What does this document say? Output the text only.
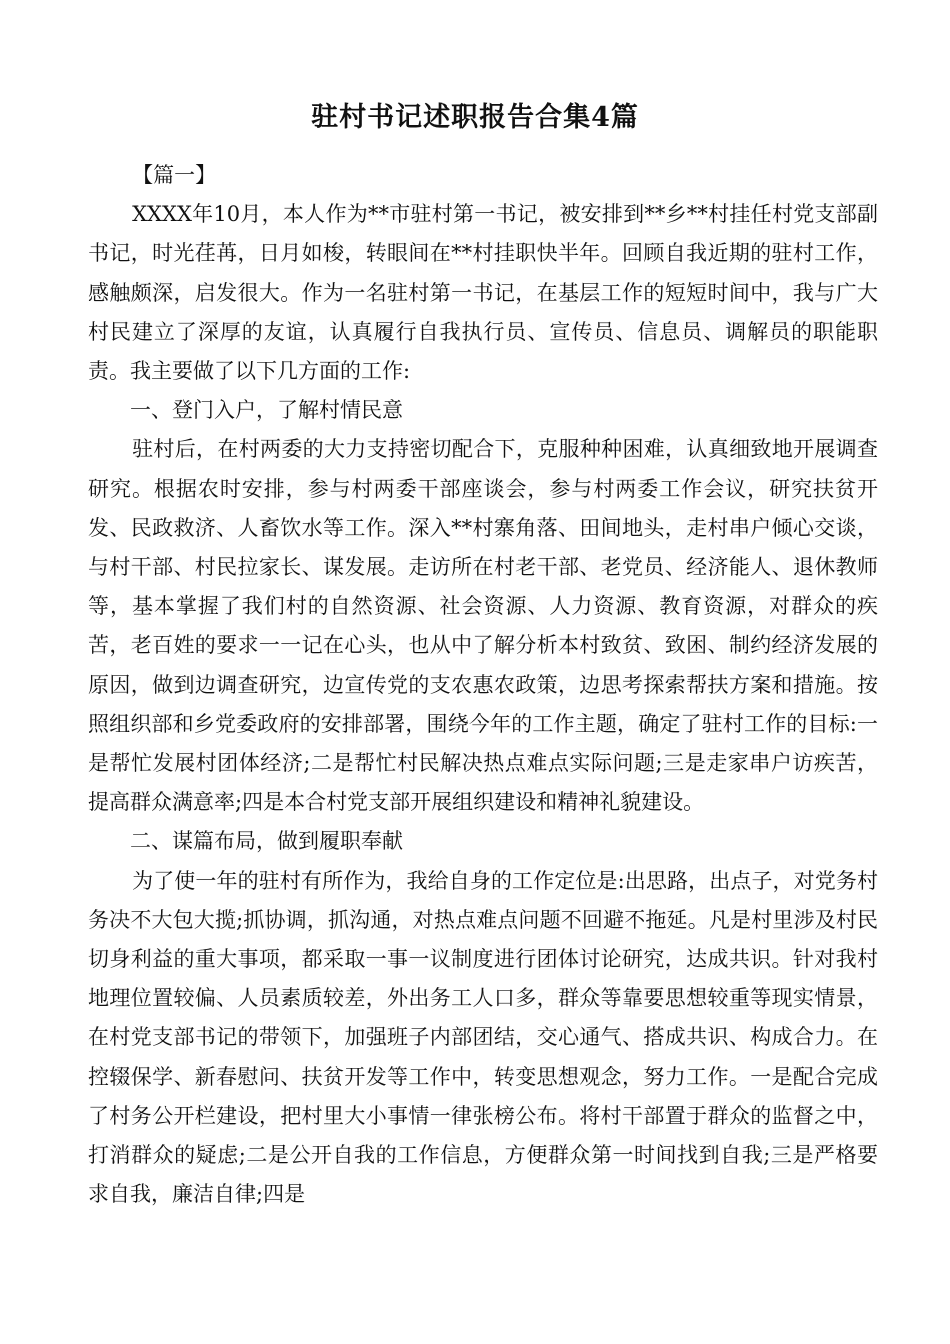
驻村书记述职报告合集4篇

【篇一】

XXXX年10月，本人作为**市驻村第一书记，被安排到**乡**村挂任村党支部副书记，时光荏苒，日月如梭，转眼间在**村挂职快半年。回顾自我近期的驻村工作，感触颇深，启发很大。作为一名驻村第一书记，在基层工作的短短时间中，我与广大村民建立了深厚的友谊，认真履行自我执行员、宣传员、信息员、调解员的职能职责。我主要做了以下几方面的工作:

一、登门入户，了解村情民意

驻村后，在村两委的大力支持密切配合下，克服种种困难，认真细致地开展调查研究。根据农时安排，参与村两委干部座谈会，参与村两委工作会议，研究扶贫开发、民政救济、人畜饮水等工作。深入**村寨角落、田间地头，走村串户倾心交谈，与村干部、村民拉家长、谋发展。走访所在村老干部、老党员、经济能人、退休教师等，基本掌握了我们村的自然资源、社会资源、人力资源、教育资源，对群众的疾苦，老百姓的要求一一记在心头，也从中了解分析本村致贫、致困、制约经济发展的原因，做到边调查研究，边宣传党的支农惠农政策，边思考探索帮扶方案和措施。按照组织部和乡党委政府的安排部署，围绕今年的工作主题，确定了驻村工作的目标:一是帮忙发展村团体经济;二是帮忙村民解决热点难点实际问题;三是走家串户访疾苦，提高群众满意率;四是本合村党支部开展组织建设和精神礼貌建设。

二、谋篇布局，做到履职奉献

为了使一年的驻村有所作为，我给自身的工作定位是:出思路，出点子，对党务村务决不大包大揽;抓协调，抓沟通，对热点难点问题不回避不拖延。凡是村里涉及村民切身利益的重大事项，都采取一事一议制度进行团体讨论研究，达成共识。针对我村地理位置较偏、人员素质较差，外出务工人口多，群众等靠要思想较重等现实情景，在村党支部书记的带领下，加强班子内部团结，交心通气、搭成共识、构成合力。在控辍保学、新春慰问、扶贫开发等工作中，转变思想观念，努力工作。一是配合完成了村务公开栏建设，把村里大小事情一律张榜公布。将村干部置于群众的监督之中，打消群众的疑虑;二是公开自我的工作信息，方便群众第一时间找到自我;三是严格要求自我，廉洁自律;四是
